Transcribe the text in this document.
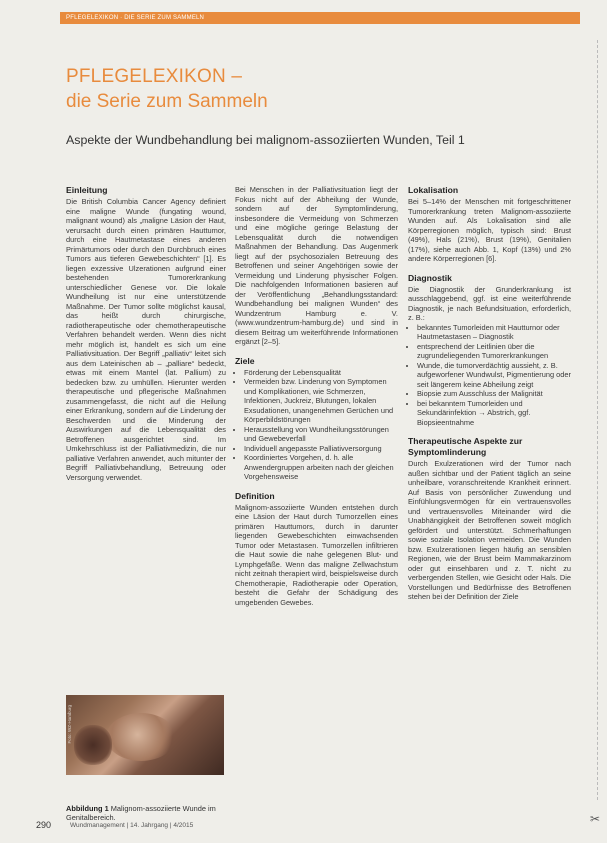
PFLEGELEXIKON · DIE SERIE ZUM SAMMELN
PFLEGELEXIKON –
die Serie zum Sammeln
Aspekte der Wundbehandlung bei malignom-assoziierten Wunden, Teil 1
Einleitung

Die British Columbia Cancer Agency definiert eine maligne Wunde (fungating wound, malignant wound) als „maligne Läsion der Haut, verursacht durch einen primären Hauttumor, durch eine Hautmetastase eines anderen Primärtumors oder durch den Durchbruch eines Tumors aus tieferen Gewebeschichten“ [1]. Es liegen exzessive Ulzerationen aufgrund einer bestehenden Tumorerkrankung unterschiedlicher Genese vor. Die lokale Wundheilung ist nur eine unterstützende Maßnahme. Der Tumor sollte möglichst kausal, das heißt durch chirurgische, radiotherapeutische oder chemotherapeutische Verfahren behandelt werden. Wenn dies nicht mehr möglich ist, handelt es sich um eine Palliativsituation. Der Begriff „palliativ“ leitet sich aus dem Lateinischen ab – „palliare“ bedeckt, etwas mit einem Mantel (lat. Pallium) zu bedecken bzw. zu umhüllen. Hierunter werden therapeutische und pflegerische Maßnahmen zusammengefasst, die nicht auf die Heilung einer Erkrankung, sondern auf die Linderung der Beschwerden und die Minderung der Auswirkungen auf die Lebensqualität des Betroffenen ausgerichtet sind. Im Umkehrschluss ist der Palliativmedizin, die nur palliative Verfahren anwendet, auch mitunter der Begriff Palliativbehandlung, Betreuung oder Versorgung verwendet.

Foto: WZ-Hamburg
Abbildung 1 Malignom-assoziierte Wunde im Genitalbereich.

Bei Menschen in der Palliativsituation liegt der Fokus nicht auf der Abheilung der Wunde, sondern auf der Symptomlinderung, insbesondere die Vermeidung von Schmerzen und eine mögliche geringe Belastung der Lebensqualität durch die notwendigen Maßnahmen der Behandlung. Das Augenmerk liegt auf der psychosozialen Betreuung des Betroffenen und seiner Angehörigen sowie der Vermeidung und Linderung physischer Folgen. Die nachfolgenden Informationen basieren auf der Veröffentlichung „Behandlungsstandard: Wundbehandlung bei malignen Wunden“ des Wundzentrum Hamburg e. V. (www.wundzentrum-hamburg.de) und sind in diesem Beitrag um weiterführende Informationen ergänzt [2–5].

Ziele
• Förderung der Lebensqualität
• Vermeiden bzw. Linderung von Symptomen und Komplikationen, wie Schmerzen, Infektionen, Juckreiz, Blutungen, lokalen Exsudationen, unangenehmen Gerüchen und Körperbildstörungen
• Herausstellung von Wundheilungsstörungen und Gewebeverfall
• Individuell angepasste Palliativversorgung
• Koordiniertes Vorgehen, d. h. alle Anwendergruppen arbeiten nach der gleichen Vorgehensweise
Definition

Malignom-assoziierte Wunden entstehen durch eine Läsion der Haut durch Tumorzellen eines primären Hauttumors, durch in darunter liegenden Gewebeschichten einwachsenden Tumor oder Metastasen. Tumorzellen infiltrieren die Haut sowie die nahe gelegenen Blut- und Lymphgefäße. Wenn das maligne Zellwachstum nicht zeitnah therapiert wird, beispielsweise durch Chemotherapie, Radiotherapie oder Operation, besteht die Gefahr der Schädigung des umgebenden Gewebes.

Lokalisation

Bei 5–14% der Menschen mit fortgeschrittener Tumorerkrankung treten Malignom-assoziierte Wunden auf. Als Lokalisation sind alle Körperregionen möglich, typisch sind: Brust (49%), Hals (21%), Brust (19%), Genitalien (17%), siehe auch Abb. 1, Kopf (13%) und 2% andere Körperregionen [6].

Diagnostik

Die Diagnostik der Grunderkrankung ist ausschlaggebend, ggf. ist eine weiterführende Diagnostik, je nach Befundsituation, erforderlich, z. B.:

• bekanntes Tumorleiden mit Hautturnor oder Hautmetastasen – Diagnostik
• entsprechend der Leitlinien über die zugrundeliegenden Tumorerkrankungen
• Wunde, die tumorverdächtig aussieht, z. B. aufgeworfener Wundwulst, Pigmentierung oder seit längerem keine Abheilung zeigt
• Biopsie zum Ausschluss der Malignität
• bei bekanntem Tumorleiden und Sekundärinfektion → Abstrich, ggf. Biopsieentnahme
Therapeutische Aspekte zur Symptomlinderung

Durch Exulzerationen wird der Tumor nach außen sichtbar und der Patient täglich an seine unheilbare, voranschreitende Krankheit erinnert. Auf Basis von persönlicher Zuwendung und Einfühlungsvermögen für ein vertrauensvolles und vertrauensvolles Miteinander wird die Unabhängigkeit der Betroffenen soweit möglich gefördert und unterstützt. Schmerhaftungen sowie soziale Isolation vermeiden. Die Wunden bzw. Exulzerationen liegen häufig an sensiblen Regionen, wie der Brust beim Mammakarzinom oder gut einsehbaren und z. T. nicht zu verbergenden Stellen, wie Gesicht oder Hals. Die Vorstellungen und Bedürfnisse des Betroffenen stehen bei der Definition der Ziele

290	Wundmanagement | 14. Jahrgang | 4/2015	✂
